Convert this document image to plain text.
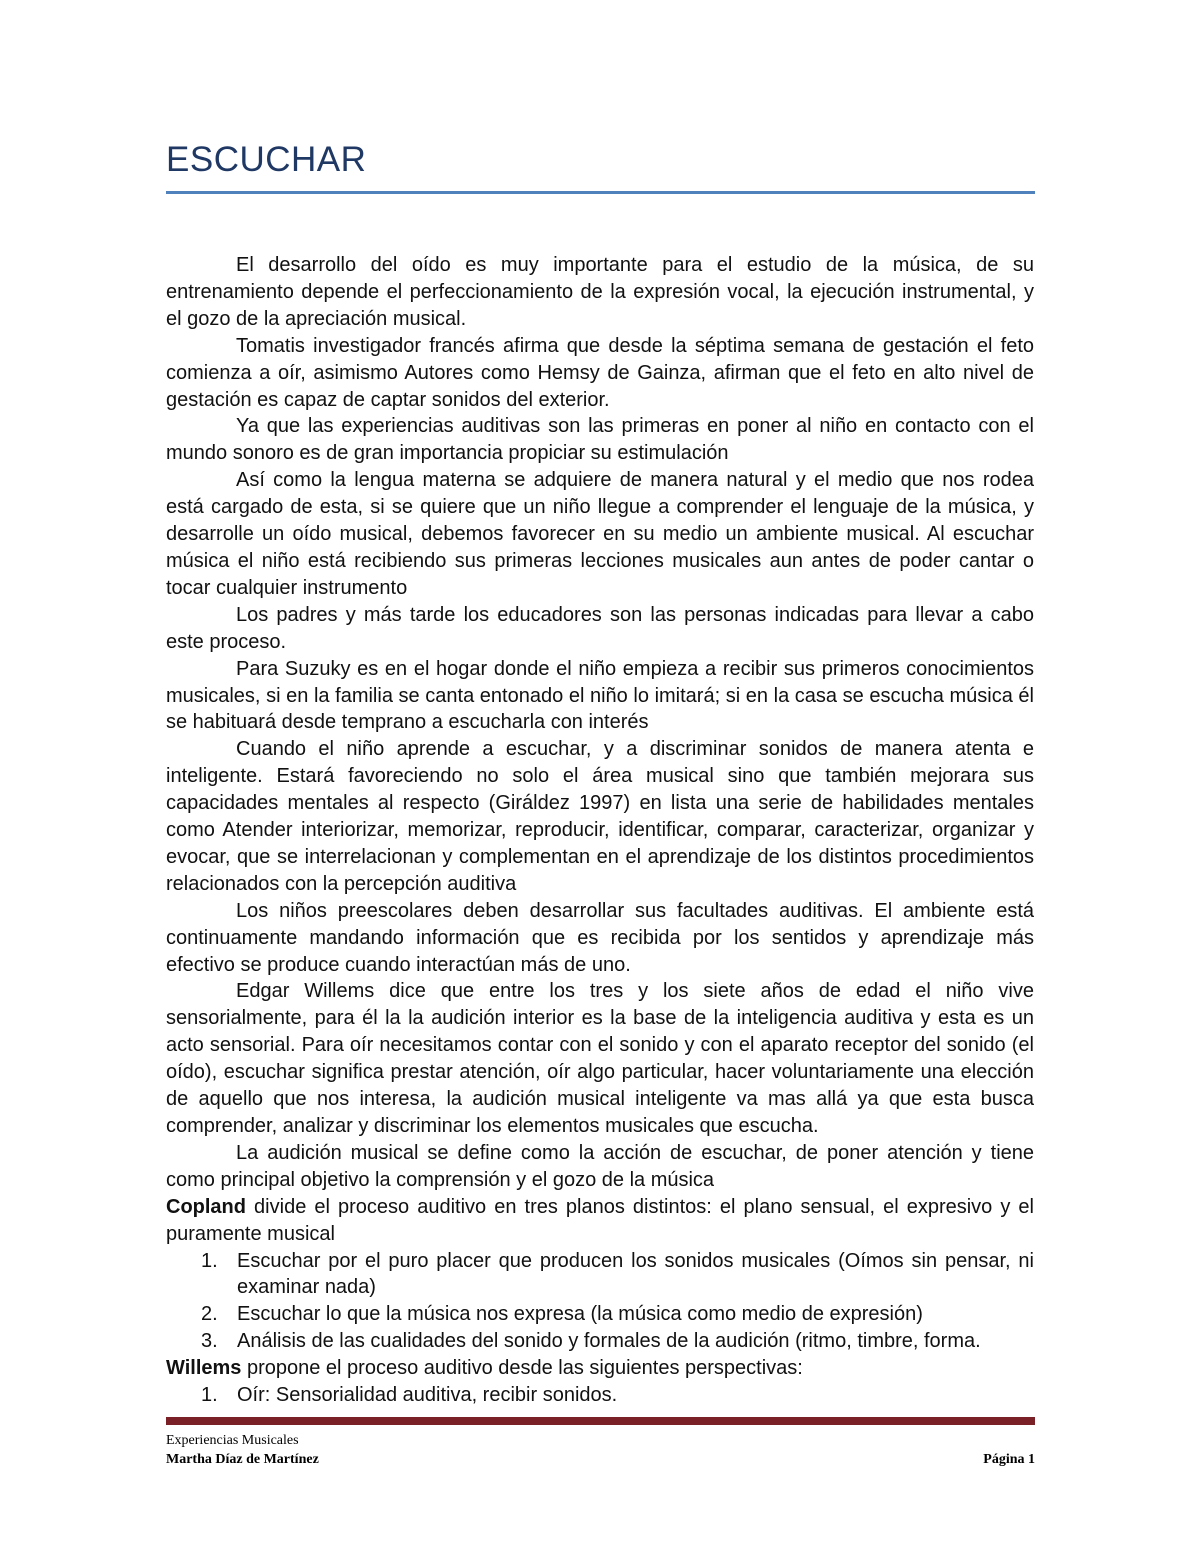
ESCUCHAR

El desarrollo del oído es muy importante para el estudio de la música, de su entrenamiento depende el perfeccionamiento de la expresión vocal, la ejecución instrumental, y el gozo de la apreciación musical.

Tomatis investigador francés afirma que desde la séptima semana de gestación el feto comienza a oír, asimismo Autores como Hemsy de Gainza, afirman que el feto en alto nivel de gestación es capaz de captar sonidos del exterior.

Ya que las experiencias auditivas son las primeras en poner al niño en contacto con el mundo sonoro es de gran importancia propiciar su estimulación

Así como la lengua materna se adquiere de manera natural y el medio que nos rodea está cargado de esta, si se quiere que un niño llegue a comprender el lenguaje de la música, y desarrolle un oído musical, debemos favorecer en su medio un ambiente musical. Al escuchar música el niño está recibiendo sus primeras lecciones musicales aun antes de poder cantar o tocar cualquier instrumento

Los padres y más tarde los educadores son las personas indicadas para llevar a cabo este proceso.

Para Suzuky es en el hogar donde el niño empieza a recibir sus primeros conocimientos musicales, si en la familia se canta entonado el niño lo imitará; si en la casa se escucha música él se habituará desde temprano a escucharla con interés

Cuando el niño aprende a escuchar, y a discriminar sonidos de manera atenta e inteligente. Estará favoreciendo no solo el área musical sino que también mejorara sus capacidades mentales al respecto (Giráldez 1997) en lista una serie de habilidades mentales como Atender interiorizar, memorizar, reproducir, identificar, comparar, caracterizar, organizar y evocar, que se interrelacionan y complementan en el aprendizaje de los distintos procedimientos relacionados con la percepción auditiva

Los niños preescolares deben desarrollar sus facultades auditivas. El ambiente está continuamente mandando información que es recibida por los sentidos y aprendizaje más efectivo se produce cuando interactúan más de uno.

Edgar Willems dice que entre los tres y los siete años de edad el niño vive sensorialmente, para él la la audición interior es la base de la inteligencia auditiva y esta es un acto sensorial. Para oír necesitamos contar con el sonido y con el aparato receptor del sonido (el oído), escuchar significa prestar atención, oír algo particular, hacer voluntariamente una elección de aquello que nos interesa, la audición musical inteligente va mas allá ya que esta busca comprender, analizar y discriminar los elementos musicales que escucha.

La audición musical se define como la acción de escuchar, de poner atención y tiene como principal objetivo la comprensión y el gozo de la música

Copland divide el proceso auditivo en tres planos distintos: el plano sensual, el expresivo y el puramente musical

1. Escuchar por el puro placer que producen los sonidos musicales (Oímos sin pensar, ni examinar nada)
2. Escuchar lo que la música nos expresa (la música como medio de expresión)
3. Análisis de las cualidades del sonido y formales de la audición (ritmo, timbre, forma.

Willems propone el proceso auditivo desde las siguientes perspectivas:

1. Oír: Sensorialidad auditiva, recibir sonidos.
Experiencias Musicales
Martha Díaz de Martínez	Página 1
